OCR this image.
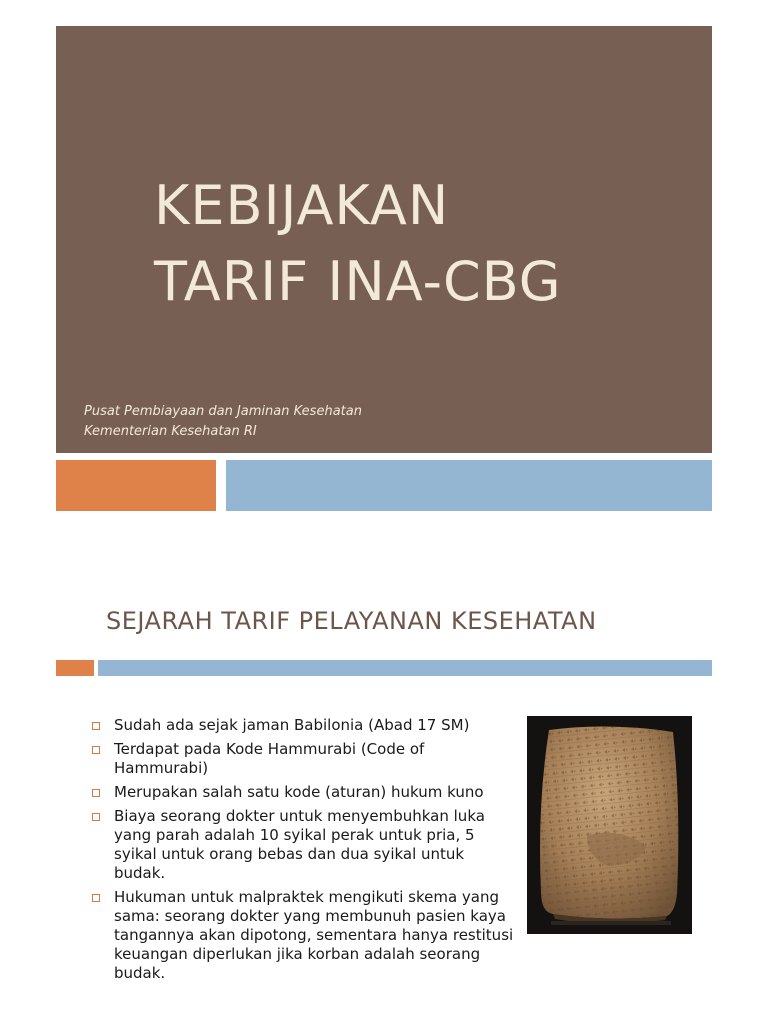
KEBIJAKAN
TARIF INA-CBG

Pusat Pembiayaan dan Jaminan Kesehatan
Kementerian Kesehatan RI

SEJARAH TARIF PELAYANAN KESEHATAN
Sudah ada sejak jaman Babilonia (Abad 17 SM)
Terdapat pada Kode Hammurabi (Code of Hammurabi)
Merupakan salah satu kode (aturan) hukum kuno
Biaya seorang dokter untuk menyembuhkan luka yang parah adalah 10 syikal perak untuk pria, 5 syikal untuk orang bebas dan dua syikal untuk budak.
Hukuman untuk malpraktek mengikuti skema yang sama: seorang dokter yang membunuh pasien kaya tangannya akan dipotong, sementara hanya restitusi keuangan diperlukan jika korban adalah seorang budak.
